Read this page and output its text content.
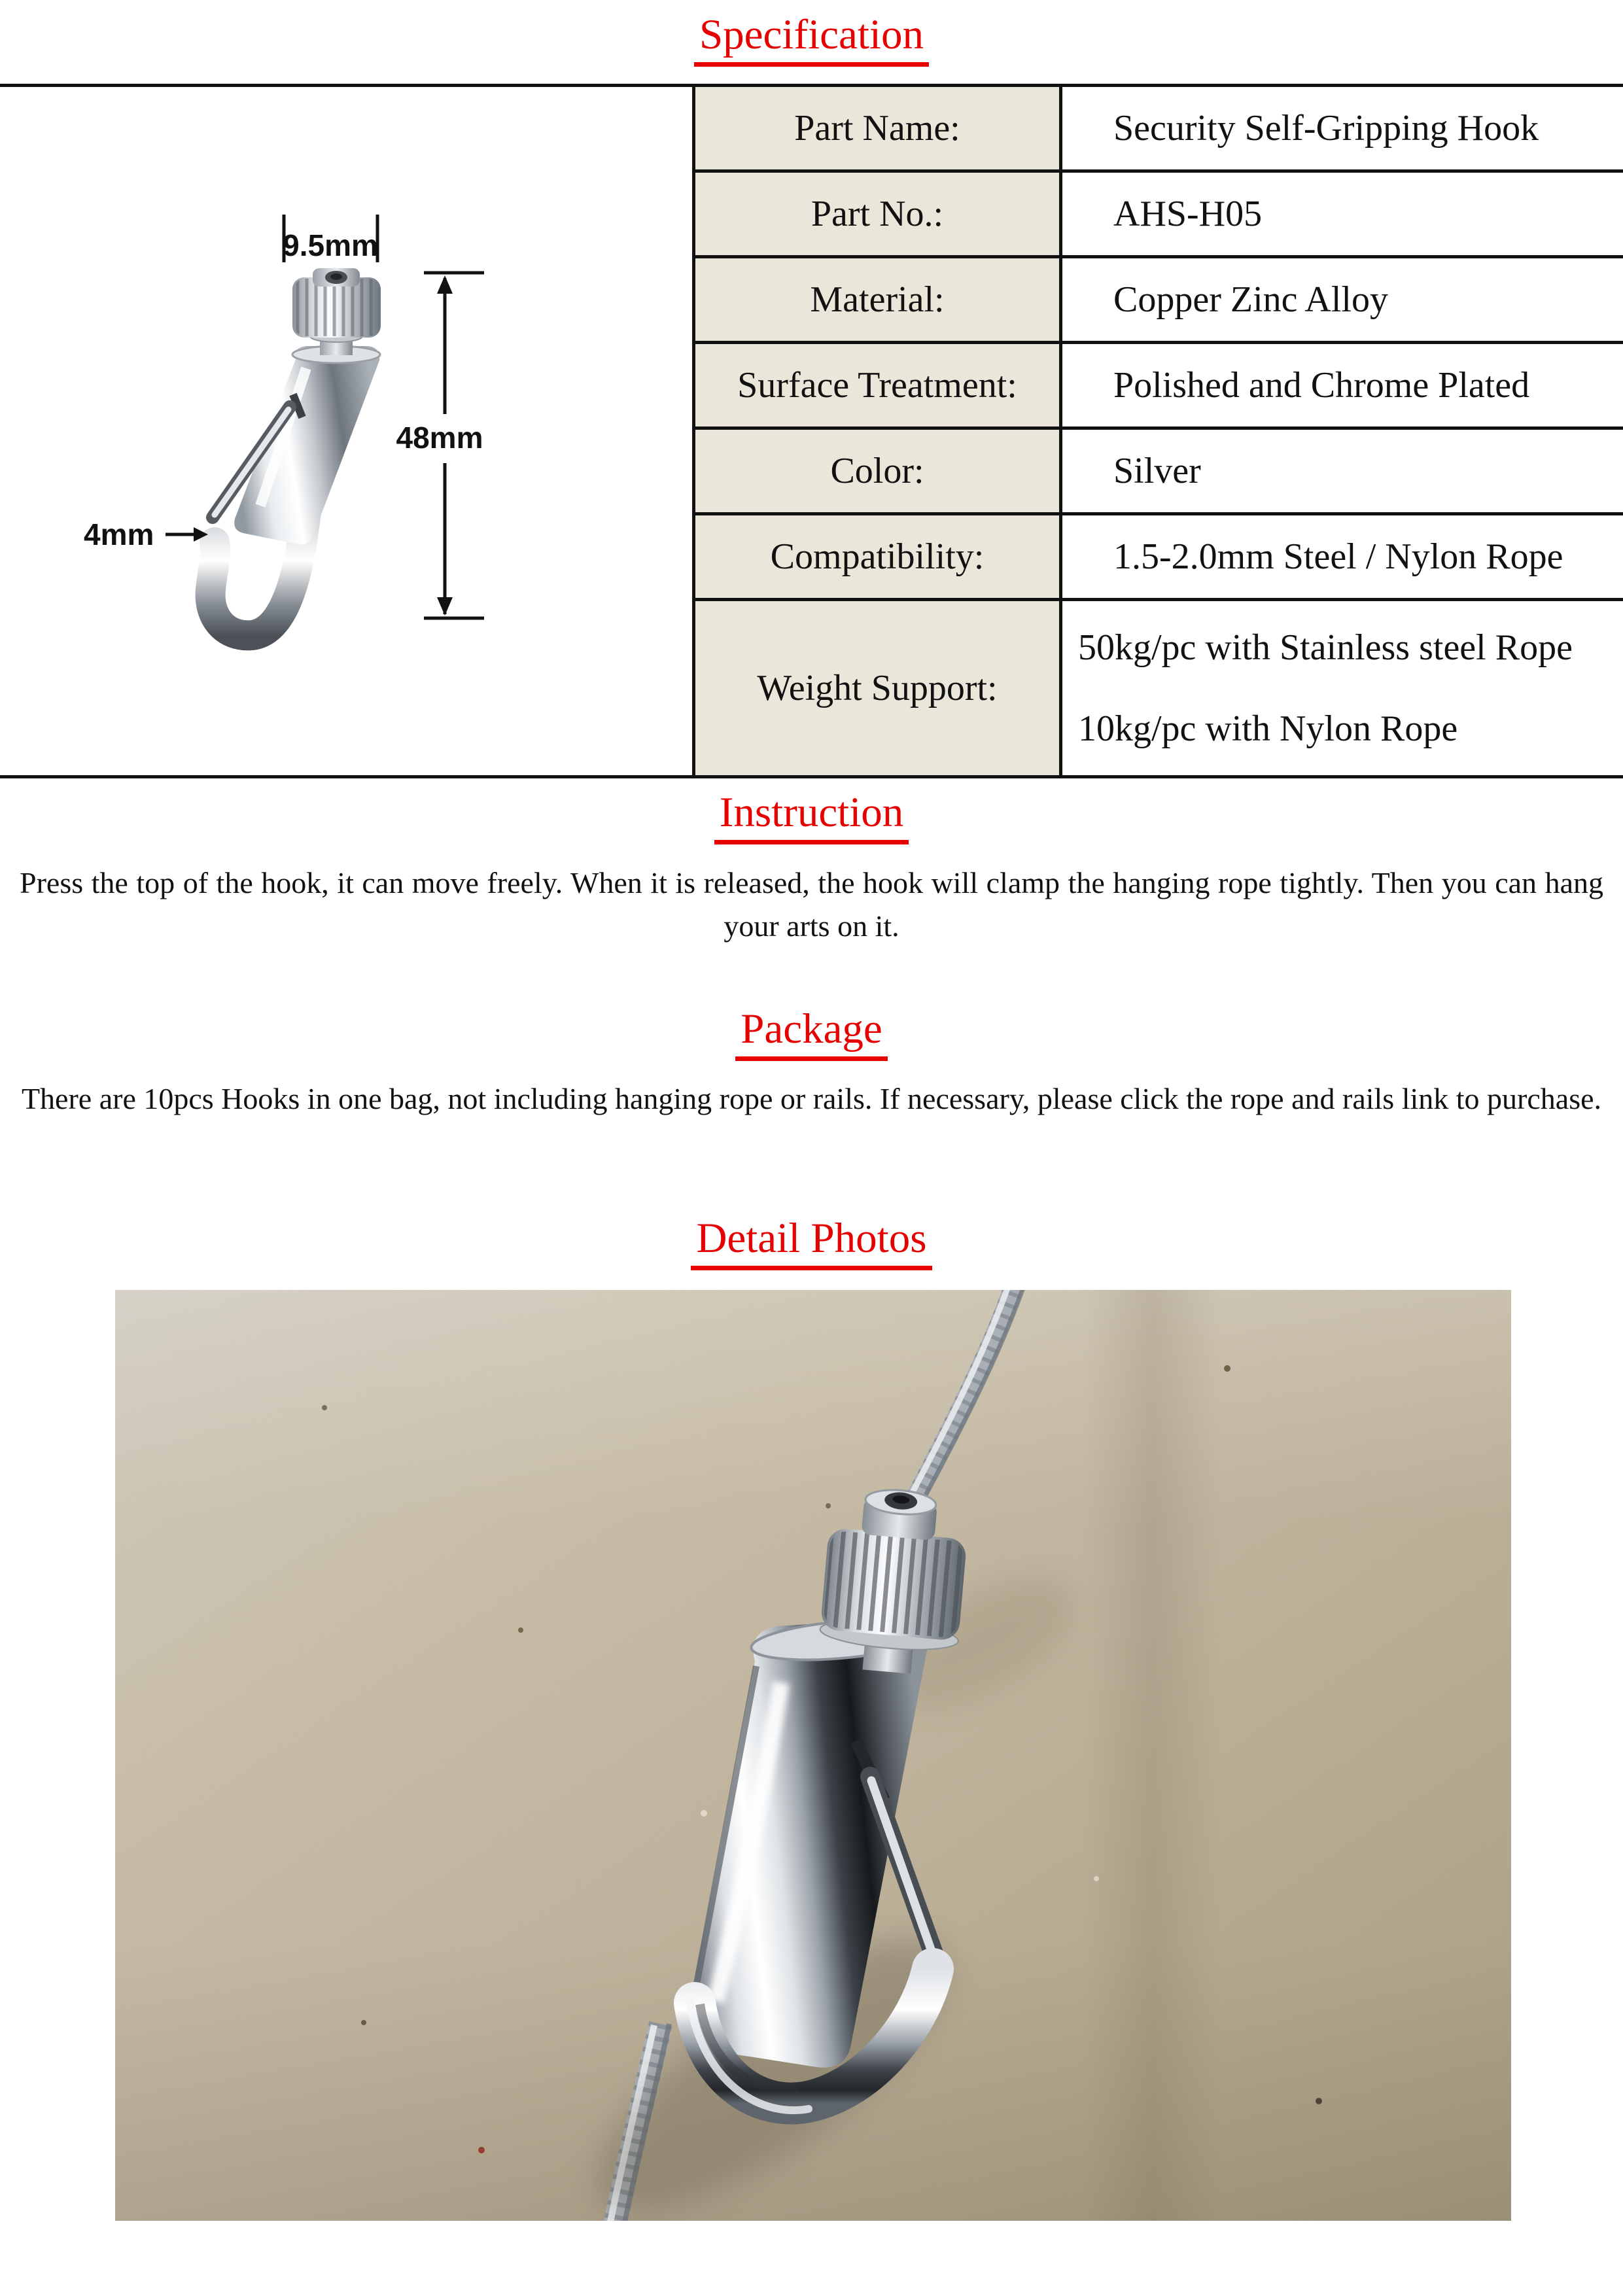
Specification
9.5mm
48mm
4mm
Part Name:	Security Self-Gripping Hook
Part No.:	AHS-H05
Material:	Copper Zinc Alloy
Surface Treatment:	Polished and Chrome Plated
Color:	Silver
Compatibility:	1.5-2.0mm Steel / Nylon Rope
Weight Support:
50kg/pc with Stainless steel Rope
10kg/pc with Nylon Rope
Instruction
Press the top of the hook, it can move freely. When it is released, the hook will clamp the hanging rope tightly. Then you can hang your arts on it.
Package
There are 10pcs Hooks in one bag, not including hanging rope or rails. If necessary, please click the rope and rails link to purchase.
Detail Photos
